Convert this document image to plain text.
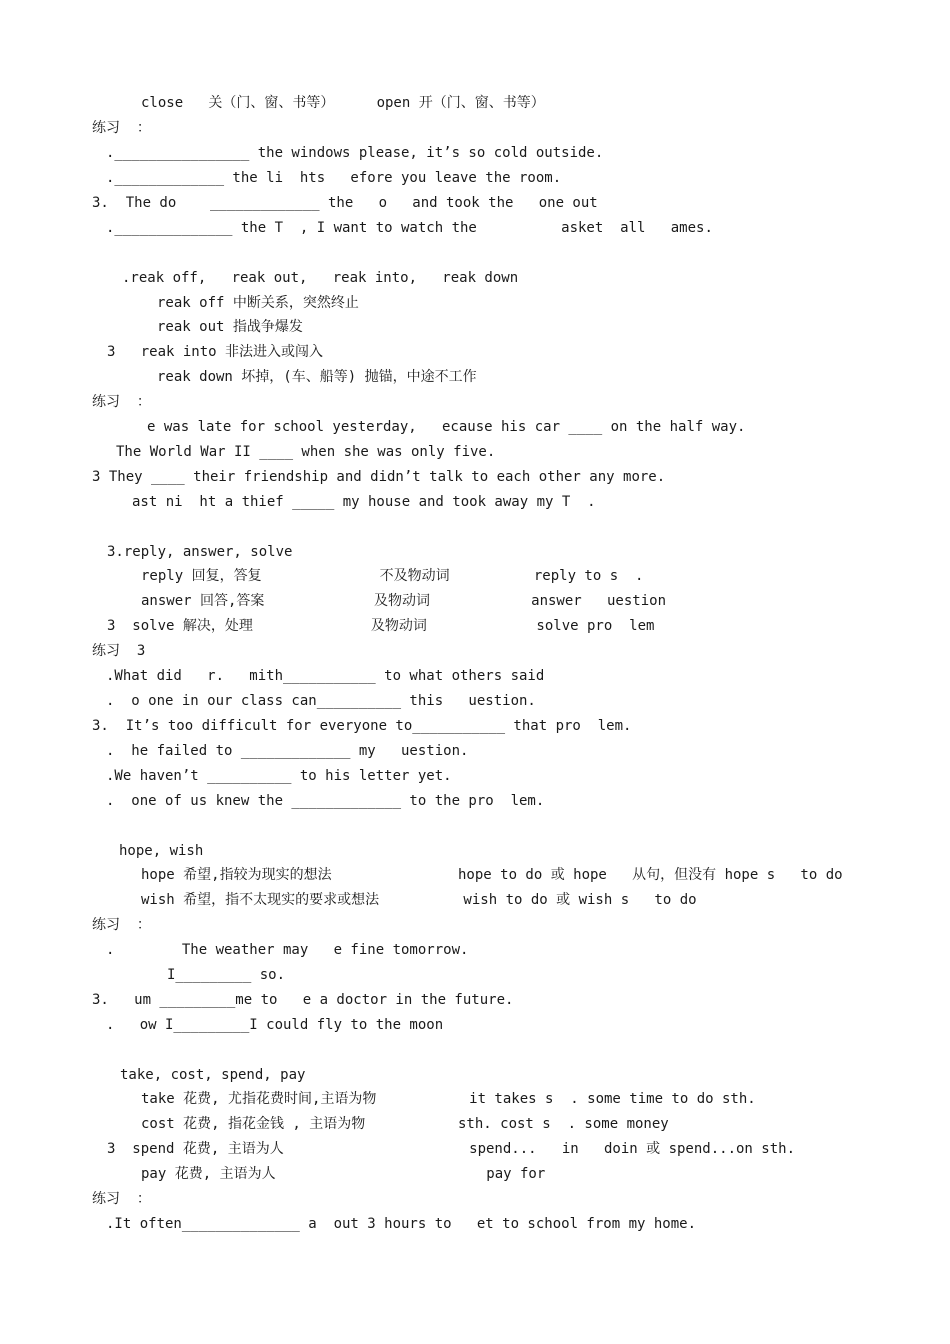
close   关（门、窗、书等）     open 开（门、窗、书等）
练习  ：
.________________ the windows please, it’s so cold outside.
._____________ the li  hts   efore you leave the room.
3.  The do    _____________ the   o   and took the   one out
.______________ the T  , I want to watch the          asket  all   ames.
.reak off,   reak out,   reak into,   reak down
reak off 中断关系，突然终止
reak out 指战争爆发
3   reak into 非法进入或闯入
reak down 坏掉，(车、船等) 抛锚，中途不工作
练习  ：
e was late for school yesterday,   ecause his car ____ on the half way.
The World War II ____ when she was only five.
3 They ____ their friendship and didn’t talk to each other any more.
ast ni  ht a thief _____ my house and took away my T  .
3.reply, answer, solve
reply 回复，答复              不及物动词          reply to s  .
answer 回答,答案             及物动词            answer   uestion
3  solve 解决，处理              及物动词             solve pro  lem
练习  3
.What did   r.   mith___________ to what others said
.  o one in our class can__________ this   uestion.
3.  It’s too difficult for everyone to___________ that pro  lem.
.  he failed to _____________ my   uestion.
.We haven’t __________ to his letter yet.
.  one of us knew the _____________ to the pro  lem.
hope, wish
hope 希望,指较为现实的想法               hope to do 或 hope   从句，但没有 hope s   to do
wish 希望，指不太现实的要求或想法          wish to do 或 wish s   to do
练习  ：
.        The weather may   e fine tomorrow.
I_________ so.
3.   um _________me to   e a doctor in the future.
.   ow I_________I could fly to the moon
take, cost, spend, pay
take 花费, 尤指花费时间,主语为物           it takes s  . some time to do sth.
cost 花费, 指花金钱 , 主语为物           sth. cost s  . some money
3  spend 花费, 主语为人                      spend...   in   doin 或 spend...on sth.
pay 花费, 主语为人                         pay for
练习  ：
.It often______________ a  out 3 hours to   et to school from my home.
